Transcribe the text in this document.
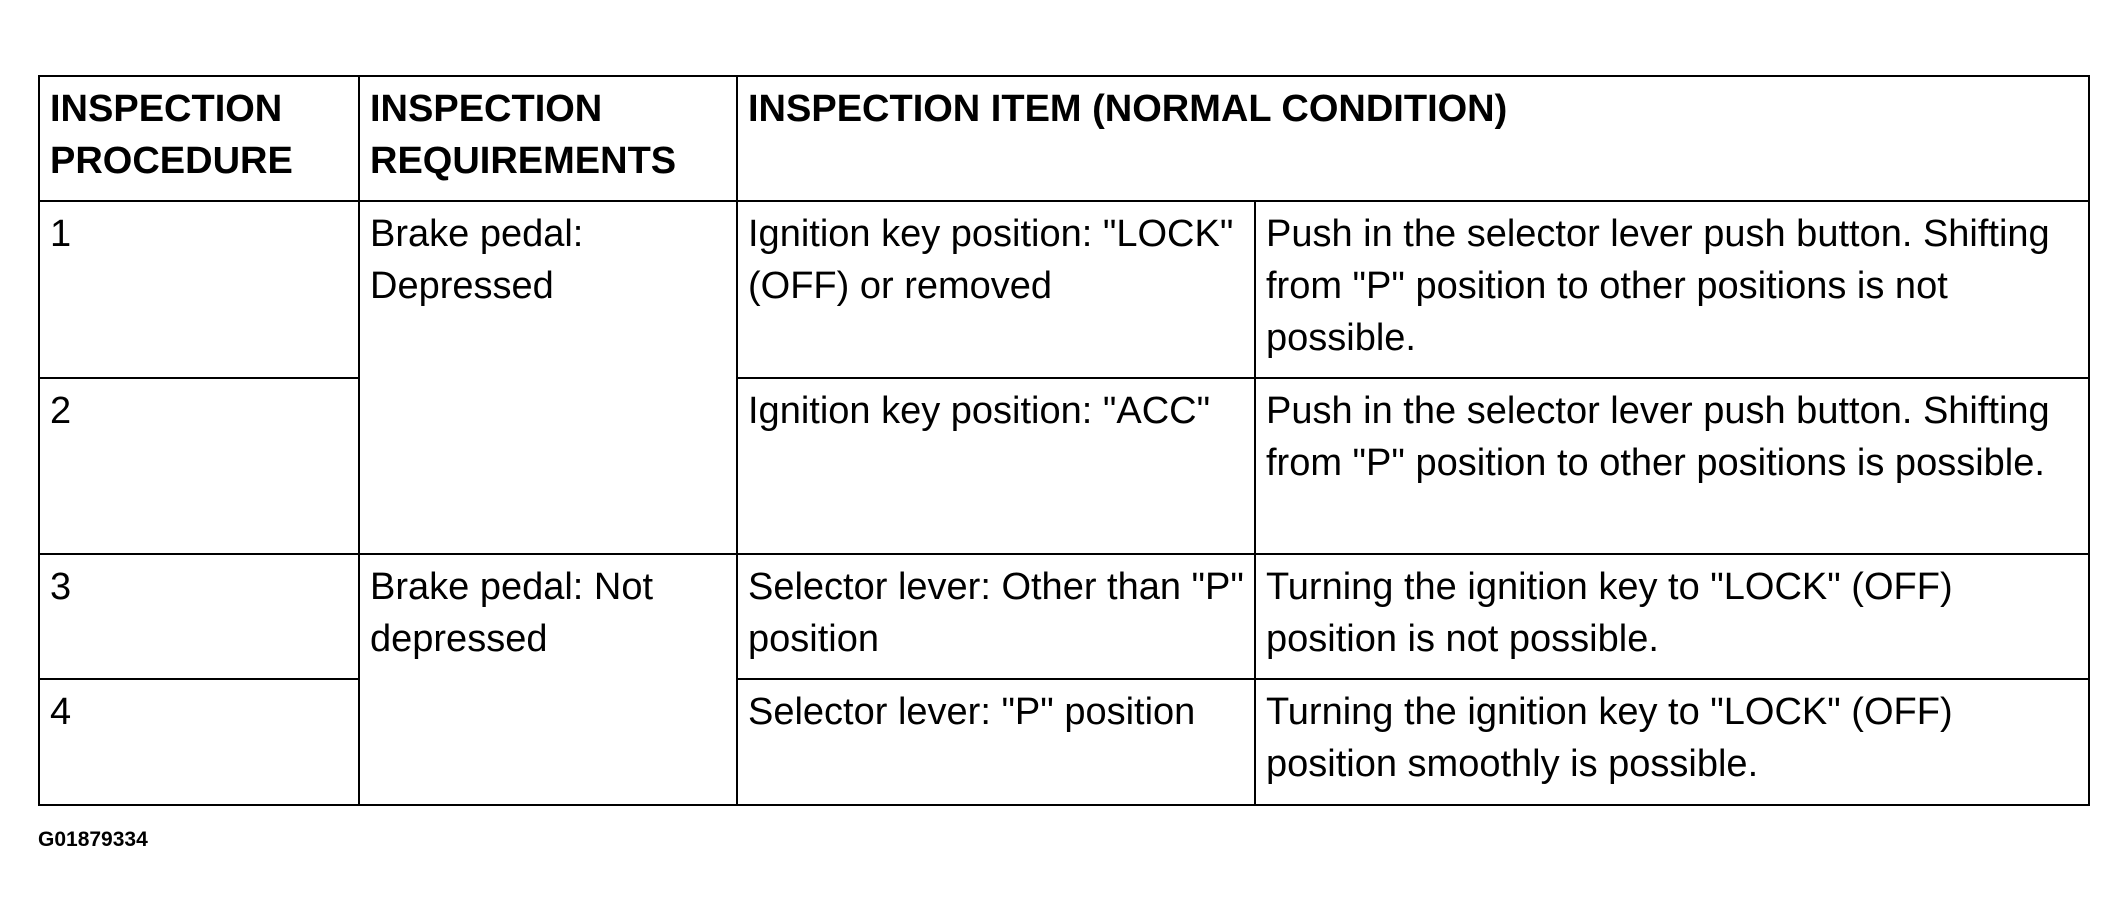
INSPECTION PROCEDURE	INSPECTION REQUIREMENTS	INSPECTION ITEM (NORMAL CONDITION)	

1	Brake pedal: Depressed	Ignition key position: "LOCK" (OFF) or removed	Push in the selector lever push button. Shifting from "P" position to other positions is not possible.

2		Ignition key position: "ACC"	Push in the selector lever push button. Shifting from "P" position to other positions is possible.

3	Brake pedal: Not depressed	Selector lever: Other than "P" position	Turning the ignition key to "LOCK" (OFF) position is not possible.

4		Selector lever: "P" position	Turning the ignition key to "LOCK" (OFF) position smoothly is possible.
G01879334
